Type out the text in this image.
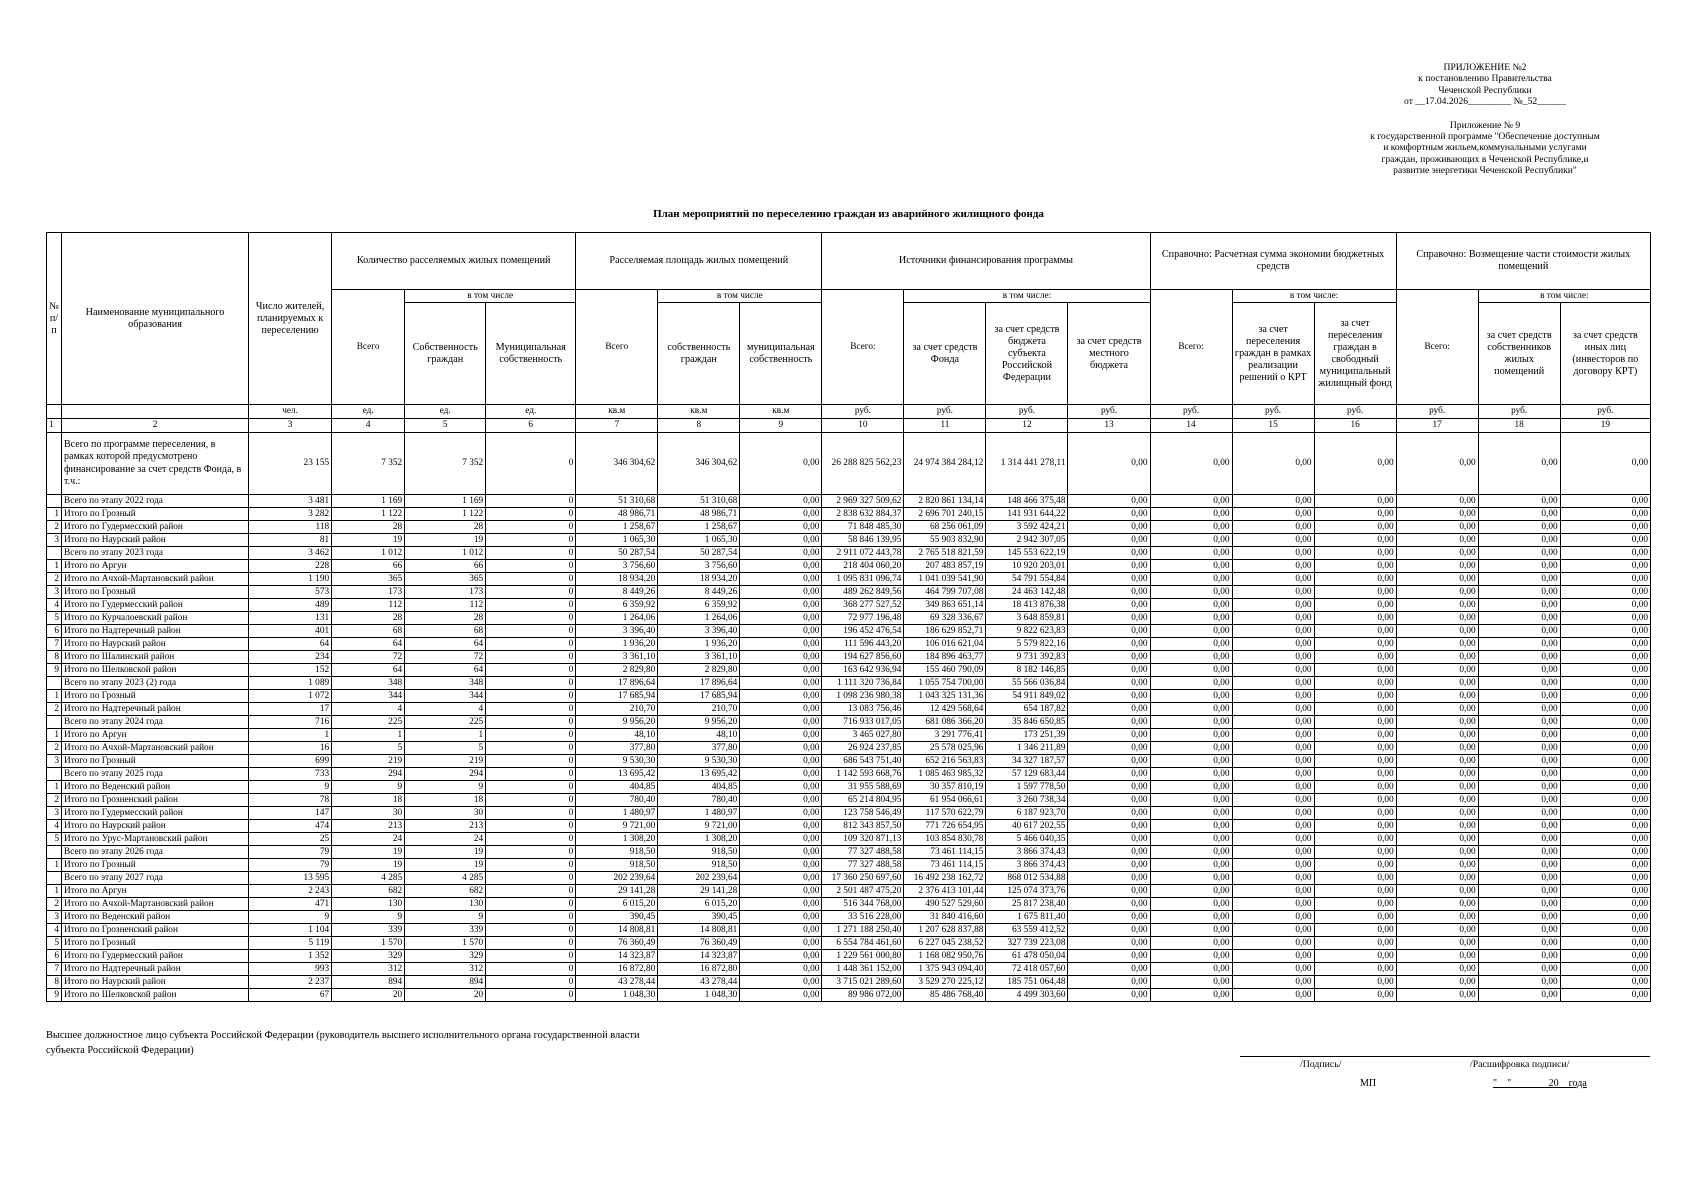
ПРИЛОЖЕНИЕ №2
к постановлению Правительства
Чеченской Республики
от __17.04.2026_________ №_52______
Приложение № 9
к государственной программе "Обеспечение доступным
и комфортным жильем,коммунальными услугами
граждан, проживающих в Чеченской Республике,и
развитие энергетики Чеченской Республики"
План мероприятий по переселению граждан из аварийного жилищного фонда
№ п/ п	Наименование муниципального образования	Число жителей, планируемых к переселению	Количество расселяемых жилых помещений			Расселяемая площадь жилых помещений			Источники финансирования программы				Справочно: Расчетная сумма экономии бюджетных средств			Справочно: Возмещение части стоимости жилых помещений		
			Всего	в том числе		Всего	в том числе		Всего:	в том числе:			Всего:	в том числе:		Всего:	в том числе:	
				Собственность граждан	Муниципальная собственность		собственность граждан	муниципальная собственность		за счет средств Фонда	за счет средств бюджета субъекта Российской Федерации	за счет средств местного бюджета		за счет переселения граждан в рамках реализации решений о КРТ	за счет переселения граждан в свободный муниципальный жилищный фонд		за счет средств собственников жилых помещений	за счет средств иных лиц (инвесторов по договору КРТ)
		чел.	ед.	ед.	ед.	кв.м	кв.м	кв.м	руб.	руб.	руб.	руб.	руб.	руб.	руб.	руб.	руб.	руб.
1	2	3	4	5	6	7	8	9	10	11	12	13	14	15	16	17	18	19
	Всего по программе переселения, в рамках которой предусмотрено финансирование за счет средств Фонда, в т.ч.:	23 155	7 352	7 352	0	346 304,62	346 304,62	0,00	26 288 825 562,23	24 974 384 284,12	1 314 441 278,11	0,00	0,00	0,00	0,00	0,00	0,00	0,00
	Всего по этапу 2022 года	3 481	1 169	1 169	0	51 310,68	51 310,68	0,00	2 969 327 509,62	2 820 861 134,14	148 466 375,48	0,00	0,00	0,00	0,00	0,00	0,00	0,00
1	Итого по Грозный	3 282	1 122	1 122	0	48 986,71	48 986,71	0,00	2 838 632 884,37	2 696 701 240,15	141 931 644,22	0,00	0,00	0,00	0,00	0,00	0,00	0,00
2	Итого по Гудермесский район	118	28	28	0	1 258,67	1 258,67	0,00	71 848 485,30	68 256 061,09	3 592 424,21	0,00	0,00	0,00	0,00	0,00	0,00	0,00
3	Итого по Наурский район	81	19	19	0	1 065,30	1 065,30	0,00	58 846 139,95	55 903 832,90	2 942 307,05	0,00	0,00	0,00	0,00	0,00	0,00	0,00
	Всего по этапу 2023 года	3 462	1 012	1 012	0	50 287,54	50 287,54	0,00	2 911 072 443,78	2 765 518 821,59	145 553 622,19	0,00	0,00	0,00	0,00	0,00	0,00	0,00
1	Итого по Аргун	228	66	66	0	3 756,60	3 756,60	0,00	218 404 060,20	207 483 857,19	10 920 203,01	0,00	0,00	0,00	0,00	0,00	0,00	0,00
2	Итого по Ачхой-Мартановский район	1 190	365	365	0	18 934,20	18 934,20	0,00	1 095 831 096,74	1 041 039 541,90	54 791 554,84	0,00	0,00	0,00	0,00	0,00	0,00	0,00
3	Итого по Грозный	573	173	173	0	8 449,26	8 449,26	0,00	489 262 849,56	464 799 707,08	24 463 142,48	0,00	0,00	0,00	0,00	0,00	0,00	0,00
4	Итого по Гудермесский район	489	112	112	0	6 359,92	6 359,92	0,00	368 277 527,52	349 863 651,14	18 413 876,38	0,00	0,00	0,00	0,00	0,00	0,00	0,00
5	Итого по Курчалоевский район	131	28	28	0	1 264,06	1 264,06	0,00	72 977 196,48	69 328 336,67	3 648 859,81	0,00	0,00	0,00	0,00	0,00	0,00	0,00
6	Итого по Надтеречный район	401	68	68	0	3 396,40	3 396,40	0,00	196 452 476,54	186 629 852,71	9 822 623,83	0,00	0,00	0,00	0,00	0,00	0,00	0,00
7	Итого по Наурский район	64	64	64	0	1 936,20	1 936,20	0,00	111 596 443,20	106 016 621,04	5 579 822,16	0,00	0,00	0,00	0,00	0,00	0,00	0,00
8	Итого по Шалинский район	234	72	72	0	3 361,10	3 361,10	0,00	194 627 856,60	184 896 463,77	9 731 392,83	0,00	0,00	0,00	0,00	0,00	0,00	0,00
9	Итого по Шелковской район	152	64	64	0	2 829,80	2 829,80	0,00	163 642 936,94	155 460 790,09	8 182 146,85	0,00	0,00	0,00	0,00	0,00	0,00	0,00
	Всего по этапу 2023 (2) года	1 089	348	348	0	17 896,64	17 896,64	0,00	1 111 320 736,84	1 055 754 700,00	55 566 036,84	0,00	0,00	0,00	0,00	0,00	0,00	0,00
1	Итого по Грозный	1 072	344	344	0	17 685,94	17 685,94	0,00	1 098 236 980,38	1 043 325 131,36	54 911 849,02	0,00	0,00	0,00	0,00	0,00	0,00	0,00
2	Итого по Надтеречный район	17	4	4	0	210,70	210,70	0,00	13 083 756,46	12 429 568,64	654 187,82	0,00	0,00	0,00	0,00	0,00	0,00	0,00
	Всего по этапу 2024 года	716	225	225	0	9 956,20	9 956,20	0,00	716 933 017,05	681 086 366,20	35 846 650,85	0,00	0,00	0,00	0,00	0,00	0,00	0,00
1	Итого по Аргун	1	1	1	0	48,10	48,10	0,00	3 465 027,80	3 291 776,41	173 251,39	0,00	0,00	0,00	0,00	0,00	0,00	0,00
2	Итого по Ачхой-Мартановский район	16	5	5	0	377,80	377,80	0,00	26 924 237,85	25 578 025,96	1 346 211,89	0,00	0,00	0,00	0,00	0,00	0,00	0,00
3	Итого по Грозный	699	219	219	0	9 530,30	9 530,30	0,00	686 543 751,40	652 216 563,83	34 327 187,57	0,00	0,00	0,00	0,00	0,00	0,00	0,00
	Всего по этапу 2025 года	733	294	294	0	13 695,42	13 695,42	0,00	1 142 593 668,76	1 085 463 985,32	57 129 683,44	0,00	0,00	0,00	0,00	0,00	0,00	0,00
1	Итого по Веденский район	9	9	9	0	404,85	404,85	0,00	31 955 588,69	30 357 810,19	1 597 778,50	0,00	0,00	0,00	0,00	0,00	0,00	0,00
2	Итого по Грозненский район	78	18	18	0	780,40	780,40	0,00	65 214 804,95	61 954 066,61	3 260 738,34	0,00	0,00	0,00	0,00	0,00	0,00	0,00
3	Итого по Гудермесский район	147	30	30	0	1 480,97	1 480,97	0,00	123 758 546,49	117 570 622,79	6 187 923,70	0,00	0,00	0,00	0,00	0,00	0,00	0,00
4	Итого по Наурский район	474	213	213	0	9 721,00	9 721,00	0,00	812 343 857,50	771 726 654,95	40 617 202,55	0,00	0,00	0,00	0,00	0,00	0,00	0,00
5	Итого по Урус-Мартановский район	25	24	24	0	1 308,20	1 308,20	0,00	109 320 871,13	103 854 830,78	5 466 040,35	0,00	0,00	0,00	0,00	0,00	0,00	0,00
	Всего по этапу 2026 года	79	19	19	0	918,50	918,50	0,00	77 327 488,58	73 461 114,15	3 866 374,43	0,00	0,00	0,00	0,00	0,00	0,00	0,00
1	Итого по Грозный	79	19	19	0	918,50	918,50	0,00	77 327 488,58	73 461 114,15	3 866 374,43	0,00	0,00	0,00	0,00	0,00	0,00	0,00
	Всего по этапу 2027 года	13 595	4 285	4 285	0	202 239,64	202 239,64	0,00	17 360 250 697,60	16 492 238 162,72	868 012 534,88	0,00	0,00	0,00	0,00	0,00	0,00	0,00
1	Итого по Аргун	2 243	682	682	0	29 141,28	29 141,28	0,00	2 501 487 475,20	2 376 413 101,44	125 074 373,76	0,00	0,00	0,00	0,00	0,00	0,00	0,00
2	Итого по Ачхой-Мартановский район	471	130	130	0	6 015,20	6 015,20	0,00	516 344 768,00	490 527 529,60	25 817 238,40	0,00	0,00	0,00	0,00	0,00	0,00	0,00
3	Итого по Веденский район	9	9	9	0	390,45	390,45	0,00	33 516 228,00	31 840 416,60	1 675 811,40	0,00	0,00	0,00	0,00	0,00	0,00	0,00
4	Итого по Грозненский район	1 104	339	339	0	14 808,81	14 808,81	0,00	1 271 188 250,40	1 207 628 837,88	63 559 412,52	0,00	0,00	0,00	0,00	0,00	0,00	0,00
5	Итого по Грозный	5 119	1 570	1 570	0	76 360,49	76 360,49	0,00	6 554 784 461,60	6 227 045 238,52	327 739 223,08	0,00	0,00	0,00	0,00	0,00	0,00	0,00
6	Итого по Гудермесский район	1 352	329	329	0	14 323,87	14 323,87	0,00	1 229 561 000,80	1 168 082 950,76	61 478 050,04	0,00	0,00	0,00	0,00	0,00	0,00	0,00
7	Итого по Надтеречный район	993	312	312	0	16 872,80	16 872,80	0,00	1 448 361 152,00	1 375 943 094,40	72 418 057,60	0,00	0,00	0,00	0,00	0,00	0,00	0,00
8	Итого по Наурский район	2 237	894	894	0	43 278,44	43 278,44	0,00	3 715 021 289,60	3 529 270 225,12	185 751 064,48	0,00	0,00	0,00	0,00	0,00	0,00	0,00
9	Итого по Шелковской район	67	20	20	0	1 048,30	1 048,30	0,00	89 986 072,00	85 486 768,40	4 499 303,60	0,00	0,00	0,00	0,00	0,00	0,00	0,00
Высшее должностное лицо субъекта Российской Федерации (руководитель высшего исполнительного органа государственной власти
субъекта Российской Федерации)
/Подпись/	/Расшифровка подписи/
МП	"    "               20    года
